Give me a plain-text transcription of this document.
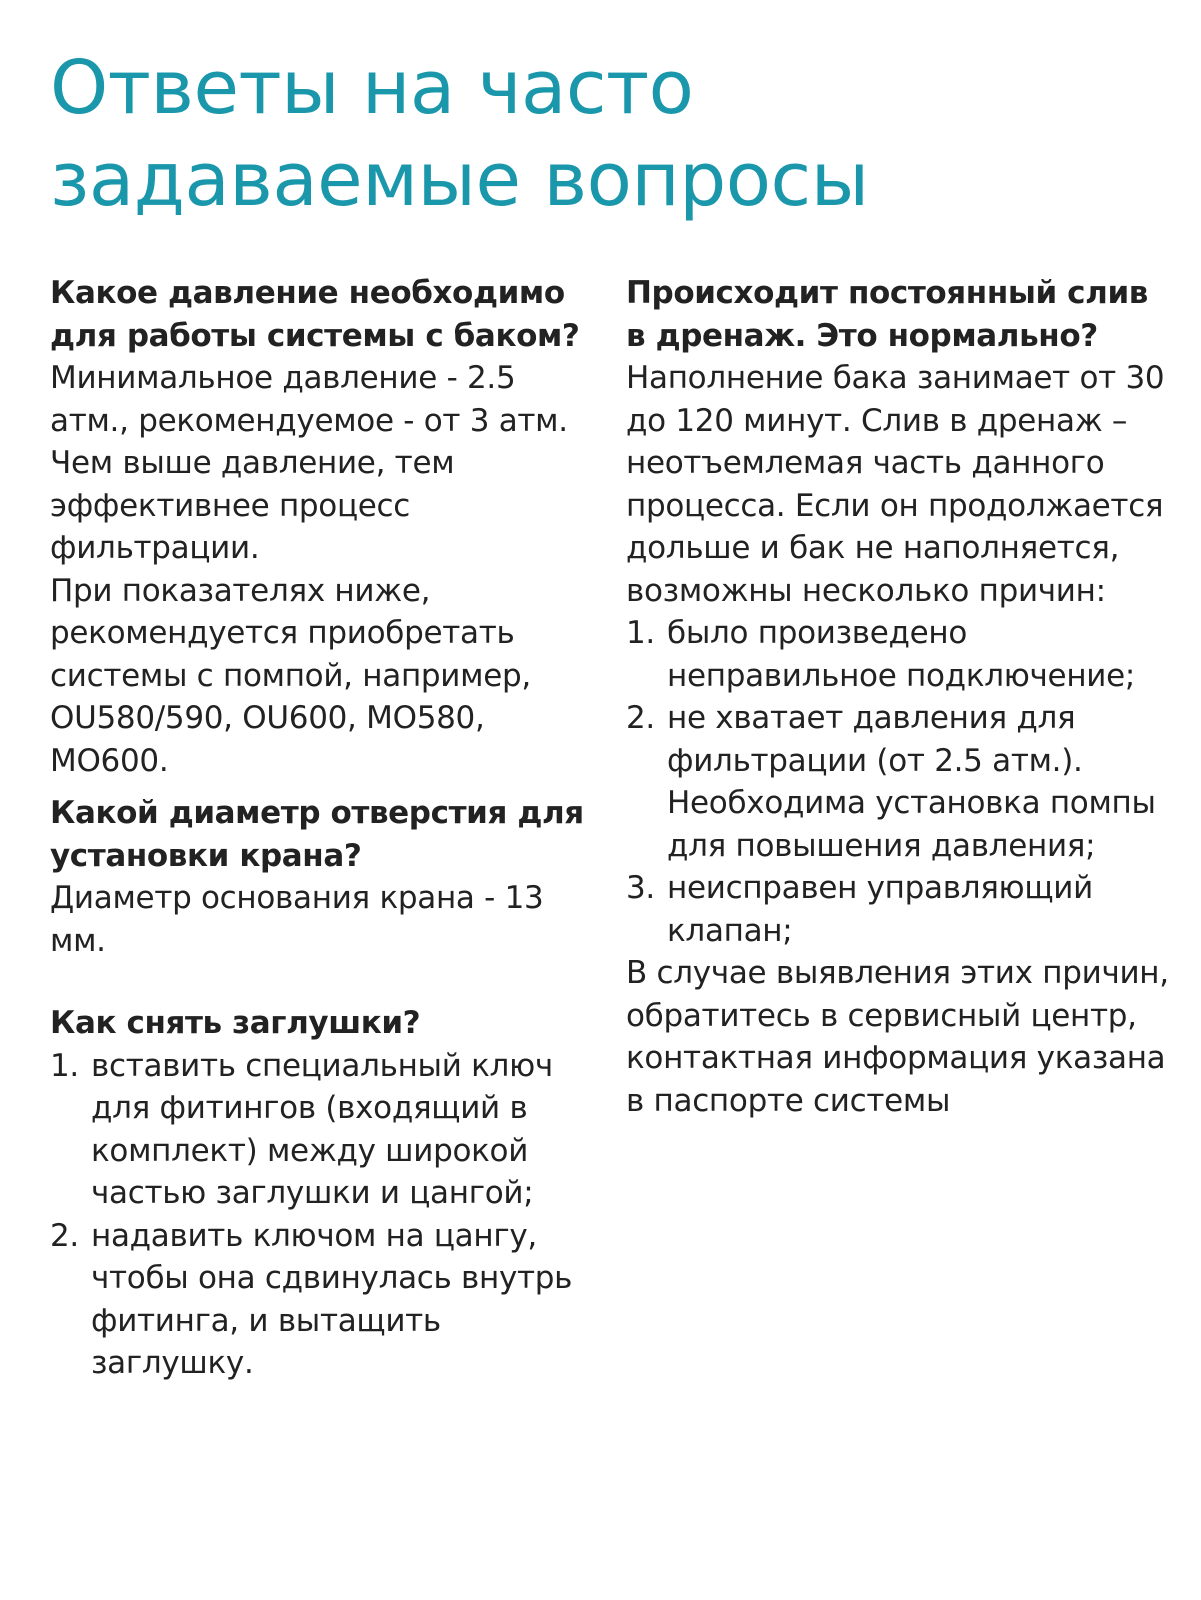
Ответы на часто задаваемые вопросы

Какое давление необходимо для работы системы с баком?

Минимальное давление - 2.5 атм., рекомендуемое - от 3 атм. Чем выше давление, тем эффективнее процесс фильтрации.

При показателях ниже, рекомендуется приобретать системы с помпой, например, OU580/590, OU600, MO580, MO600.

Какой диаметр отверстия для установки крана?

Диаметр основания крана - 13 мм.

Как снять заглушки?

1. вставить специальный ключ для фитингов (входящий в комплект) между широкой частью заглушки и цангой;
2. надавить ключом на цангу, чтобы она сдвинулась внутрь фитинга, и вытащить заглушку.

Происходит постоянный слив в дренаж. Это нормально?

Наполнение бака занимает от 30 до 120 минут. Слив в дренаж – неотъемлемая часть данного процесса. Если он продолжается дольше и бак не наполняется, возможны несколько причин:

1. было произведено неправильное подключение;
2. не хватает давления для фильтрации (от 2.5 атм.). Необходима установка помпы для повышения давления;
3. неисправен управляющий клапан;

В случае выявления этих причин, обратитесь в сервисный центр, контактная информация указана в паспорте системы
